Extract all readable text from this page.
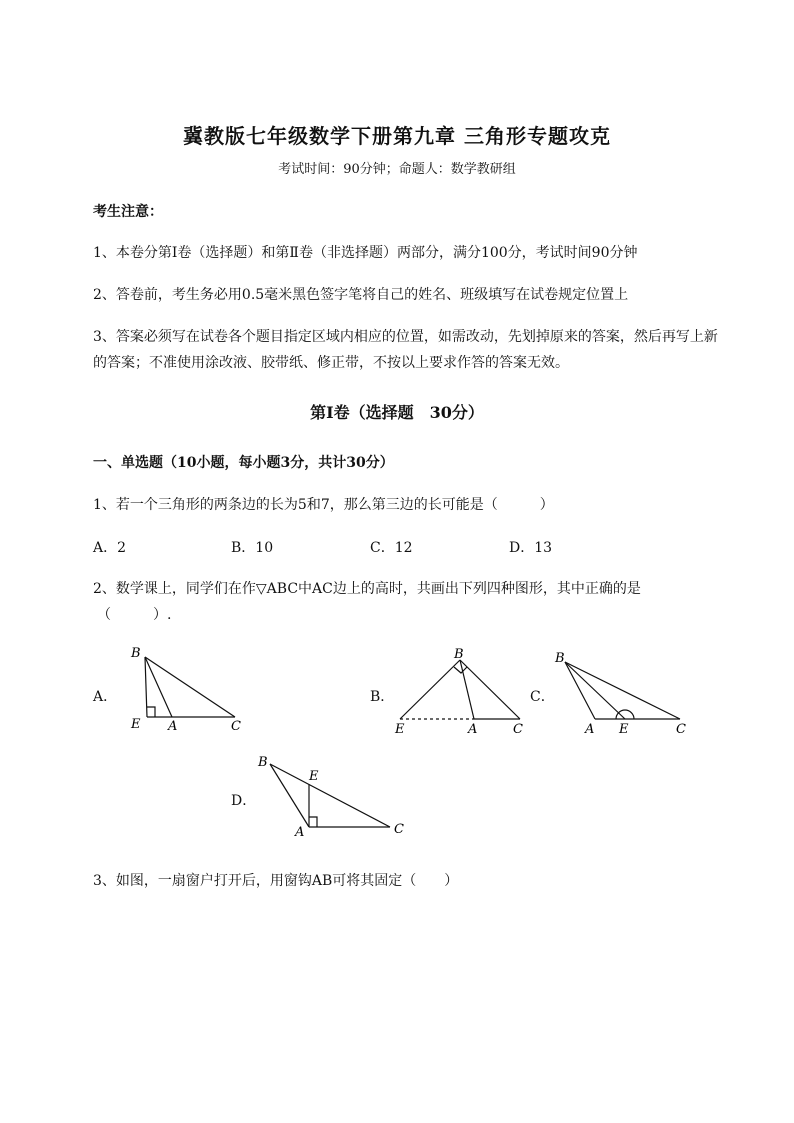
冀教版七年级数学下册第九章 三角形专题攻克
考试时间：90分钟；命题人：数学教研组
考生注意：
1、本卷分第I卷（选择题）和第Ⅱ卷（非选择题）两部分，满分100分，考试时间90分钟
2、答卷前，考生务必用0.5毫米黑色签字笔将自己的姓名、班级填写在试卷规定位置上
3、答案必须写在试卷各个题目指定区域内相应的位置，如需改动，先划掉原来的答案，然后再写上新
的答案；不准使用涂改液、胶带纸、修正带，不按以上要求作答的答案无效。
第I卷（选择题　30分）
一、单选题（10小题，每小题3分，共计30分）
1、若一个三角形的两条边的长为5和7，那么第三边的长可能是（　　　）
A．2	B．10	C．12	D．13
2、数学课上，同学们在作▽ABC中AC边上的高时，共画出下列四种图形，其中正确的是
（　　　）.
A．	B．	C．
D．
B
E A	C
B
E	A	C
B
A E	C
B
E
A	C
3、如图，一扇窗户打开后，用窗钩AB可将其固定（　　）
